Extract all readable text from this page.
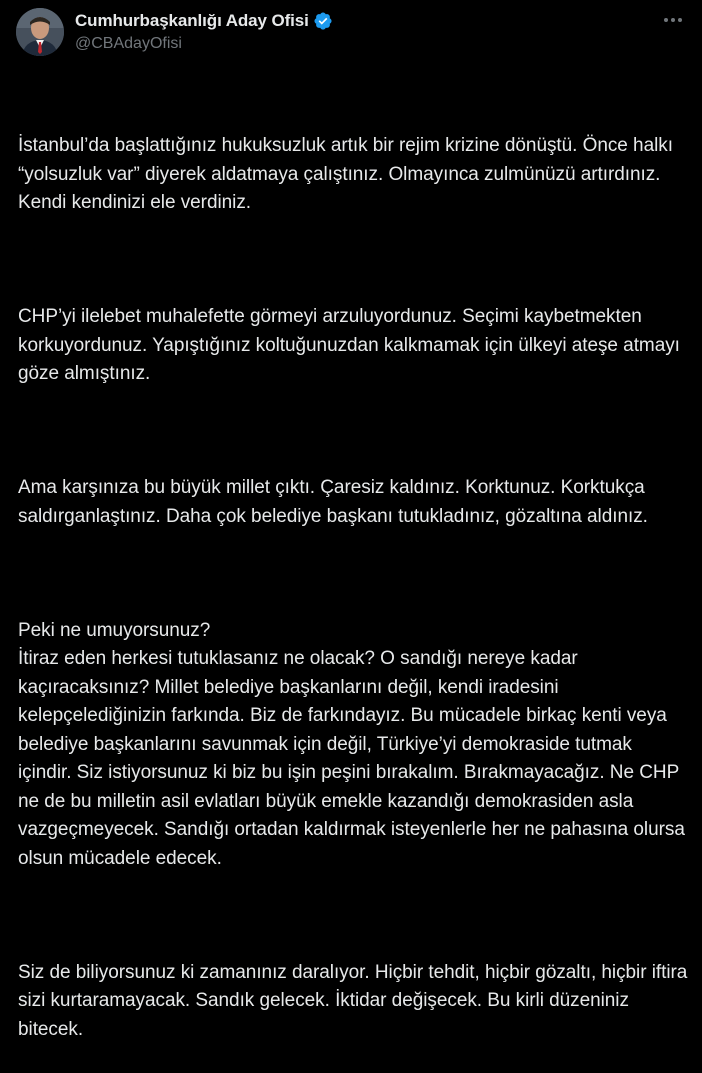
Cumhurbaşkanlığı Aday Ofisi
@CBAdayOfisi

İstanbul’da başlattığınız hukuksuzluk artık bir rejim krizine dönüştü. Önce halkı “yolsuzluk var” diyerek aldatmaya çalıştınız. Olmayınca zulmünüzü artırdınız. Kendi kendinizi ele verdiniz.

CHP’yi ilelebet muhalefette görmeyi arzuluyordunuz. Seçimi kaybetmekten korkuyordunuz. Yapıştığınız koltuğunuzdan kalkmamak için ülkeyi ateşe atmayı göze almıştınız.

Ama karşınıza bu büyük millet çıktı. Çaresiz kaldınız. Korktunuz. Korktukça saldırganlaştınız. Daha çok belediye başkanı tutukladınız, gözaltına aldınız.

Peki ne umuyorsunuz?
İtiraz eden herkesi tutuklasanız ne olacak? O sandığı nereye kadar kaçıracaksınız? Millet belediye başkanlarını değil, kendi iradesini kelepçelediğinizin farkında. Biz de farkındayız. Bu mücadele birkaç kenti veya belediye başkanlarını savunmak için değil, Türkiye’yi demokraside tutmak içindir. Siz istiyorsunuz ki biz bu işin peşini bırakalım. Bırakmayacağız. Ne CHP ne de bu milletin asil evlatları büyük emekle kazandığı demokrasiden asla vazgeçmeyecek. Sandığı ortadan kaldırmak isteyenlerle her ne pahasına olursa olsun mücadele edecek.

Siz de biliyorsunuz ki zamanınız daralıyor. Hiçbir tehdit, hiçbir gözaltı, hiçbir iftira sizi kurtaramayacak. Sandık gelecek. İktidar değişecek. Bu kirli düzeniniz bitecek.
